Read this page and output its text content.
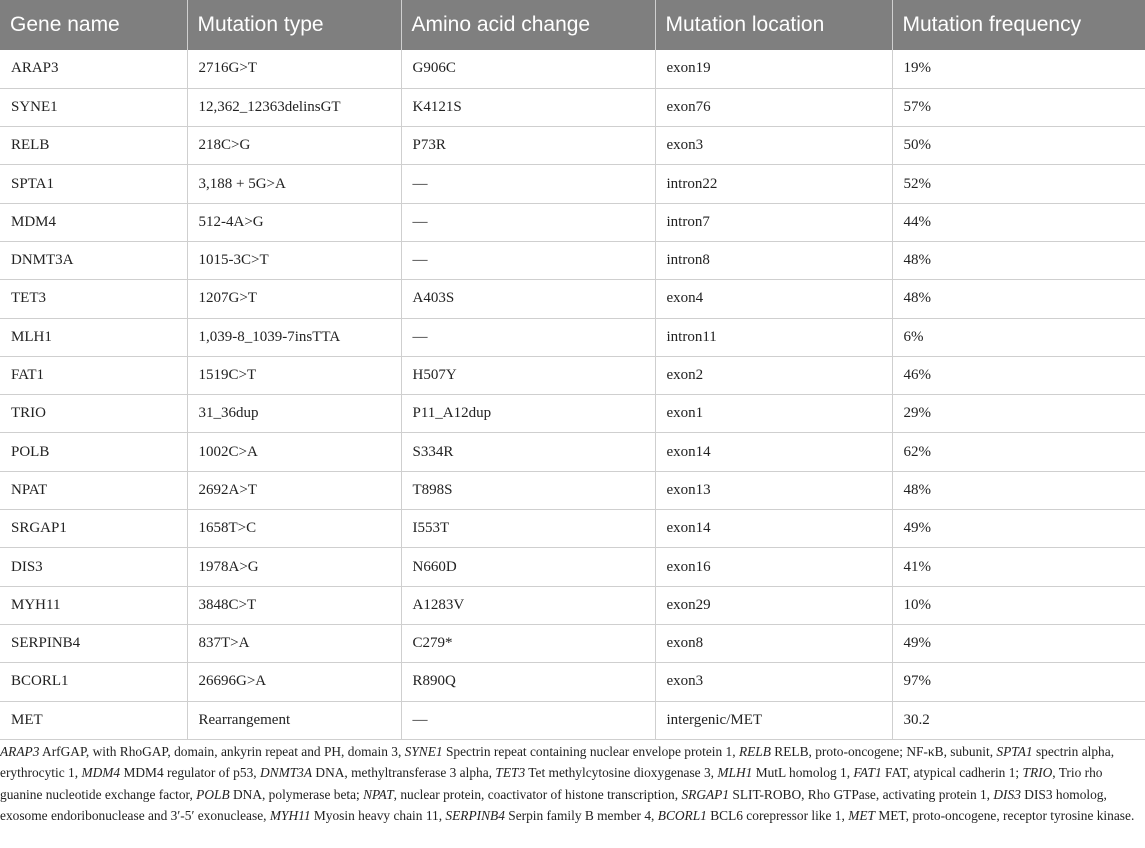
Gene name	Mutation type	Amino acid change	Mutation location	Mutation frequency
ARAP3	2716G>T	G906C	exon19	19%
SYNE1	12,362_12363delinsGT	K4121S	exon76	57%
RELB	218C>G	P73R	exon3	50%
SPTA1	3,188 + 5G>A	—	intron22	52%
MDM4	512-4A>G	—	intron7	44%
DNMT3A	1015-3C>T	—	intron8	48%
TET3	1207G>T	A403S	exon4	48%
MLH1	1,039-8_1039-7insTTA	—	intron11	6%
FAT1	1519C>T	H507Y	exon2	46%
TRIO	31_36dup	P11_A12dup	exon1	29%
POLB	1002C>A	S334R	exon14	62%
NPAT	2692A>T	T898S	exon13	48%
SRGAP1	1658T>C	I553T	exon14	49%
DIS3	1978A>G	N660D	exon16	41%
MYH11	3848C>T	A1283V	exon29	10%
SERPINB4	837T>A	C279*	exon8	49%
BCORL1	26696G>A	R890Q	exon3	97%
MET	Rearrangement	—	intergenic/MET	30.2
ARAP3 ArfGAP, with RhoGAP, domain, ankyrin repeat and PH, domain 3, SYNE1 Spectrin repeat containing nuclear envelope protein 1, RELB RELB, proto-oncogene; NF-κB, subunit, SPTA1 spectrin alpha, erythrocytic 1, MDM4 MDM4 regulator of p53, DNMT3A DNA, methyltransferase 3 alpha, TET3 Tet methylcytosine dioxygenase 3, MLH1 MutL homolog 1, FAT1 FAT, atypical cadherin 1; TRIO, Trio rho guanine nucleotide exchange factor, POLB DNA, polymerase beta; NPAT, nuclear protein, coactivator of histone transcription, SRGAP1 SLIT-ROBO, Rho GTPase, activating protein 1, DIS3 DIS3 homolog, exosome endoribonuclease and 3′-5′ exonuclease, MYH11 Myosin heavy chain 11, SERPINB4 Serpin family B member 4, BCORL1 BCL6 corepressor like 1, MET MET, proto-oncogene, receptor tyrosine kinase.
